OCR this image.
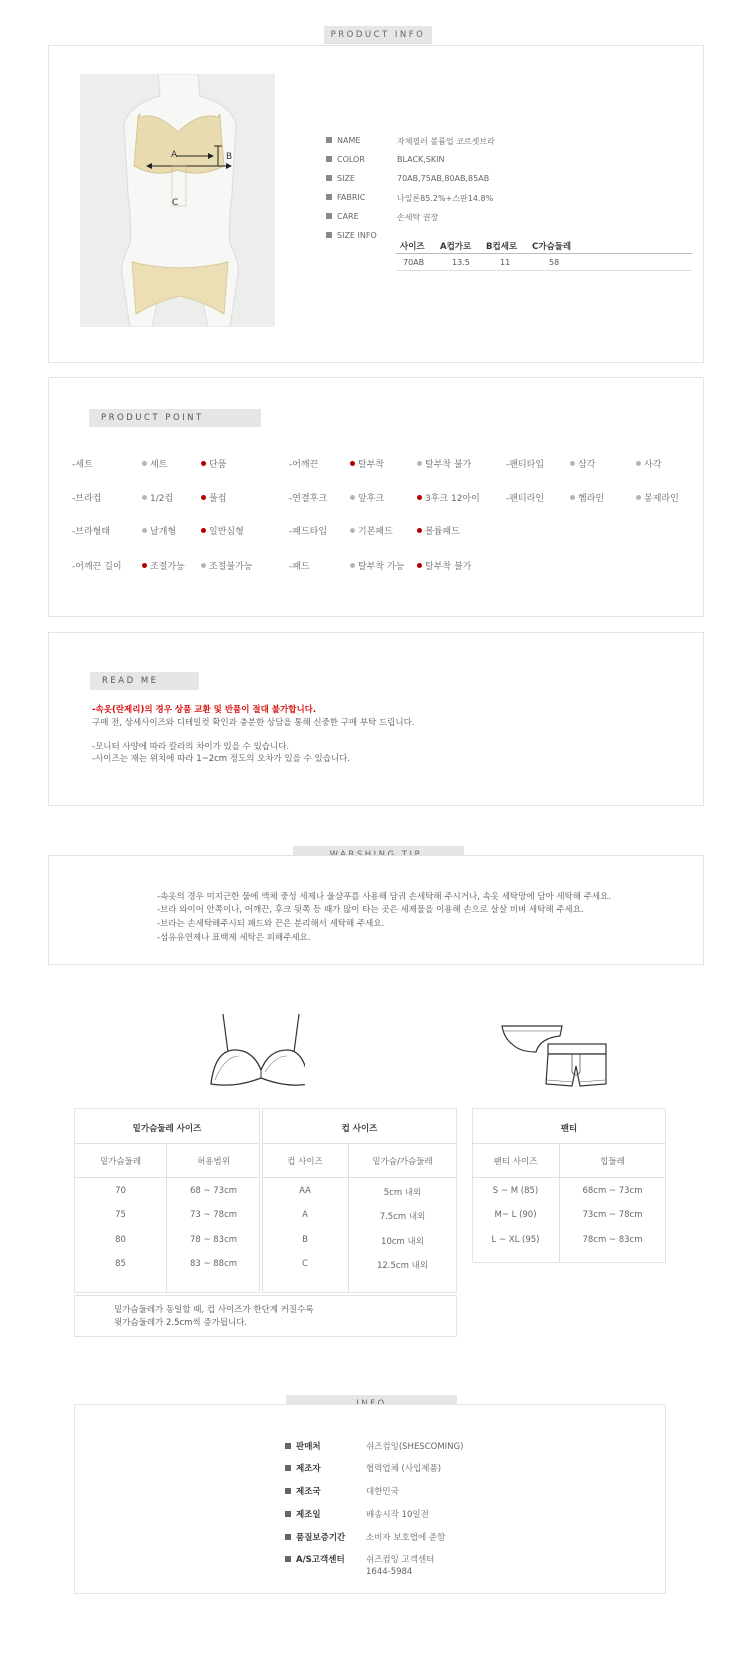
PRODUCT INFO
A	B
C
NAME	자체필러 볼륨업 코르셋브라
COLOR	BLACK,SKIN
SIZE	70AB,75AB,80AB,85AB
FABRIC	나일론85.2%+스판14.8%
CARE	손세탁 권장
SIZE INFO
사이즈 A컵가로 B컵세로 C가슴둘레
70AB	13.5	11	58
PRODUCT POINT
-세트	세트	단품	-어깨끈	탈부착	탈부착 불가	-팬티타입	삼각	사각
-브라컵	1/2컵	풀컵	-연결후크	앞후크	3후크 12아이	-팬티라인	헴라인	봉제라인
-브라형태	날개형	일반심형	-패드타입	기본패드	볼륨패드
-어깨끈 길이	조절가능	조절불가능	-패드	탈부착 가능	탈부착 불가
READ ME
-속옷(란제리)의 경우 상품 교환 및 반품이 절대 불가합니다.
구매 전, 상세사이즈와 디테일컷 확인과 충분한 상담을 통해 신중한 구매 부탁 드립니다.
-모니터 사양에 따라 칼라의 차이가 있을 수 있습니다.
-사이즈는 재는 위치에 따라 1~2cm 정도의 오차가 있을 수 있습니다.
-속옷의 경우 미지근한 물에 액체 중성 세제나 울샴푸를 사용해 담궈 손세탁해 주시거나, 속옷 세탁망에 담아 세탁해 주세요.
-브라 와이어 안쪽이나, 어깨끈, 후크 뒷쪽 등 때가 많이 타는 곳은 세제물을 이용해 손으로 살살 비벼 세탁해 주세요.
-브라는 손세탁해주시되 패드와 끈은 분리해서 세탁해 주세요.
-섬유유연제나 표백제 세탁은 피해주세요.
밑가슴둘레 사이즈
밑가슴둘레	허용범위
70	68 ~ 73cm
75	73 ~ 78cm
80	78 ~ 83cm
85	83 ~ 88cm
컵 사이즈
컵 사이즈	밑가슴/가슴둘레
AA	5cm 내외
A	7.5cm 내외
B	10cm 내외
C	12.5cm 내외
팬티
팬티 사이즈	힙둘레
S ~ M (85)	68cm ~ 73cm
M~ L (90)	73cm ~ 78cm
L ~ XL (95)	78cm ~ 83cm
밑가슴둘레가 동일할 때, 컵 사이즈가 한단계 커질수록
윗가슴둘레가 2.5cm씩 증가됩니다.
판매처	쉬즈컴잉(SHESCOMING)
제조자	협력업체 (사입제품)
제조국	대한민국
제조일	배송시작 10일전
품질보증기간 소비자 보호법에 준함
A/S고객센터	쉬즈컴잉 고객센터
1644-5984
